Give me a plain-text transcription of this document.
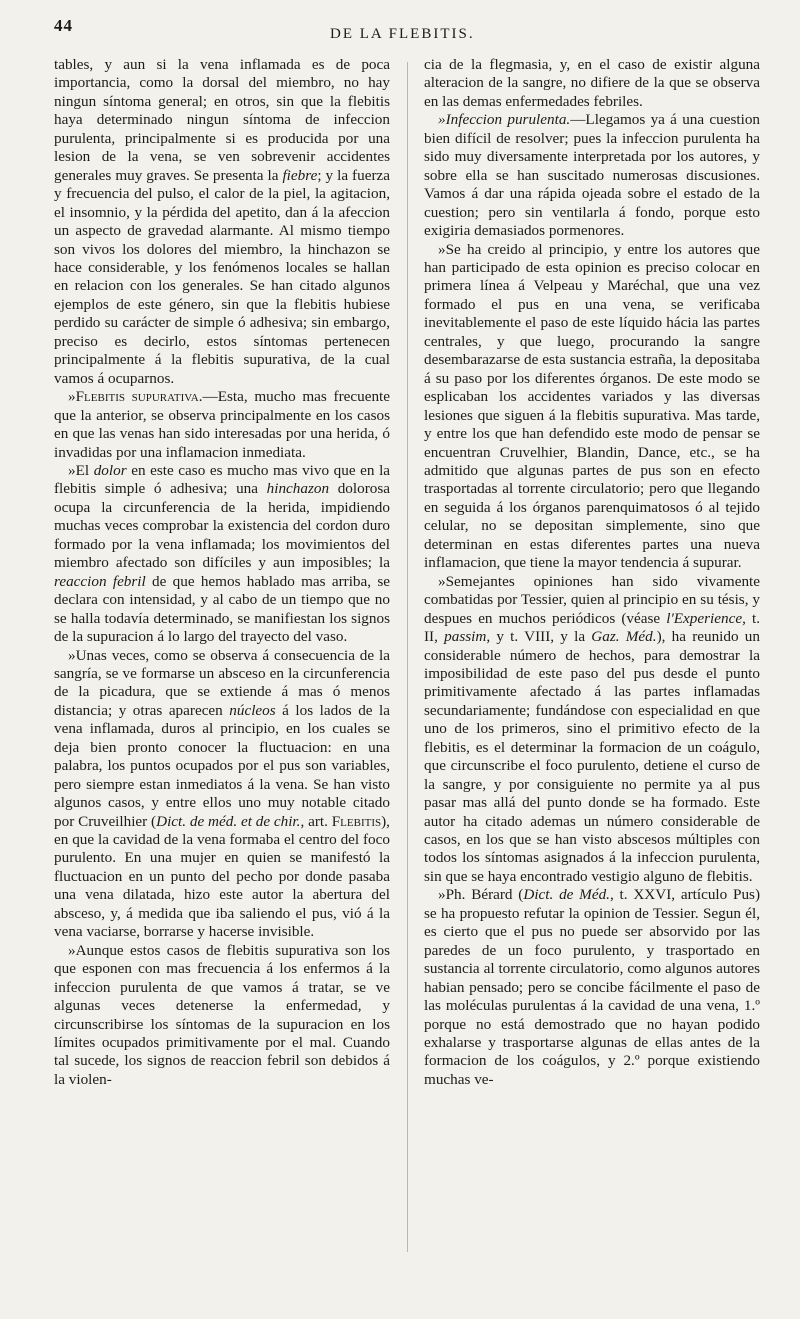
44	DE LA FLEBITIS.

tables, y aun si la vena inflamada es de poca importancia, como la dorsal del miembro, no hay ningun síntoma general; en otros, sin que la flebitis haya determinado ningun síntoma de infeccion purulenta, principalmente si es producida por una lesion de la vena, se ven sobrevenir accidentes generales muy graves. Se presenta la fiebre; y la fuerza y frecuencia del pulso, el calor de la piel, la agitacion, el insomnio, y la pérdida del apetito, dan á la afeccion un aspecto de gravedad alarmante. Al mismo tiempo son vivos los dolores del miembro, la hinchazon se hace considerable, y los fenómenos locales se hallan en relacion con los generales. Se han citado algunos ejemplos de este género, sin que la flebitis hubiese perdido su carácter de simple ó adhesiva; sin embargo, preciso es decirlo, estos síntomas pertenecen principalmente á la flebitis supurativa, de la cual vamos á ocuparnos.

»Flebitis supurativa.—Esta, mucho mas frecuente que la anterior, se observa principalmente en los casos en que las venas han sido interesadas por una herida, ó invadidas por una inflamacion inmediata.

»El dolor en este caso es mucho mas vivo que en la flebitis simple ó adhesiva; una hinchazon dolorosa ocupa la circunferencia de la herida, impidiendo muchas veces comprobar la existencia del cordon duro formado por la vena inflamada; los movimientos del miembro afectado son difíciles y aun imposibles; la reaccion febril de que hemos hablado mas arriba, se declara con intensidad, y al cabo de un tiempo que no se halla todavía determinado, se manifiestan los signos de la supuracion á lo largo del trayecto del vaso.

»Unas veces, como se observa á consecuencia de la sangría, se ve formarse un absceso en la circunferencia de la picadura, que se extiende á mas ó menos distancia; y otras aparecen núcleos á los lados de la vena inflamada, duros al principio, en los cuales se deja bien pronto conocer la fluctuacion: en una palabra, los puntos ocupados por el pus son variables, pero siempre estan inmediatos á la vena. Se han visto algunos casos, y entre ellos uno muy notable citado por Cruveilhier (Dict. de méd. et de chir., art. Flebitis), en que la cavidad de la vena formaba el centro del foco purulento. En una mujer en quien se manifestó la fluctuacion en un punto del pecho por donde pasaba una vena dilatada, hizo este autor la abertura del absceso, y, á medida que iba saliendo el pus, vió á la vena vaciarse, borrarse y hacerse invisible.

»Aunque estos casos de flebitis supurativa son los que esponen con mas frecuencia á los enfermos á la infeccion purulenta de que vamos á tratar, se ve algunas veces detenerse la enfermedad, y circunscribirse los síntomas de la supuracion en los límites ocupados primitivamente por el mal. Cuando tal sucede, los signos de reaccion febril son debidos á la violen-

cia de la flegmasia, y, en el caso de existir alguna alteracion de la sangre, no difiere de la que se observa en las demas enfermedades febriles.

»Infeccion purulenta.—Llegamos ya á una cuestion bien difícil de resolver; pues la infeccion purulenta ha sido muy diversamente interpretada por los autores, y sobre ella se han suscitado numerosas discusiones. Vamos á dar una rápida ojeada sobre el estado de la cuestion; pero sin ventilarla á fondo, porque esto exigiria demasiados pormenores.

»Se ha creido al principio, y entre los autores que han participado de esta opinion es preciso colocar en primera línea á Velpeau y Maréchal, que una vez formado el pus en una vena, se verificaba inevitablemente el paso de este líquido hácia las partes centrales, y que luego, procurando la sangre desembarazarse de esta sustancia estraña, la depositaba á su paso por los diferentes órganos. De este modo se esplicaban los accidentes variados y las diversas lesiones que siguen á la flebitis supurativa. Mas tarde, y entre los que han defendido este modo de pensar se encuentran Cruvelhier, Blandin, Dance, etc., se ha admitido que algunas partes de pus son en efecto trasportadas al torrente circulatorio; pero que llegando en seguida á los órganos parenquimatosos ó al tejido celular, no se depositan simplemente, sino que determinan en estas diferentes partes una nueva inflamacion, que tiene la mayor tendencia á supurar.

»Semejantes opiniones han sido vivamente combatidas por Tessier, quien al principio en su tésis, y despues en muchos periódicos (véase l'Experience, t. II, passim, y t. VIII, y la Gaz. Méd.), ha reunido un considerable número de hechos, para demostrar la imposibilidad de este paso del pus desde el punto primitivamente afectado á las partes inflamadas secundariamente; fundándose con especialidad en que uno de los primeros, sino el primitivo efecto de la flebitis, es el determinar la formacion de un coágulo, que circunscribe el foco purulento, detiene el curso de la sangre, y por consiguiente no permite ya al pus pasar mas allá del punto donde se ha formado. Este autor ha citado ademas un número considerable de casos, en los que se han visto abscesos múltiples con todos los síntomas asignados á la infeccion purulenta, sin que se haya encontrado vestigio alguno de flebitis.

»Ph. Bérard (Dict. de Méd., t. XXVI, artículo Pus) se ha propuesto refutar la opinion de Tessier. Segun él, es cierto que el pus no puede ser absorvido por las paredes de un foco purulento, y trasportado en sustancia al torrente circulatorio, como algunos autores habian pensado; pero se concibe fácilmente el paso de las moléculas purulentas á la cavidad de una vena, 1.º porque no está demostrado que no hayan podido exhalarse y trasportarse algunas de ellas antes de la formacion de los coágulos, y 2.º porque existiendo muchas ve-
